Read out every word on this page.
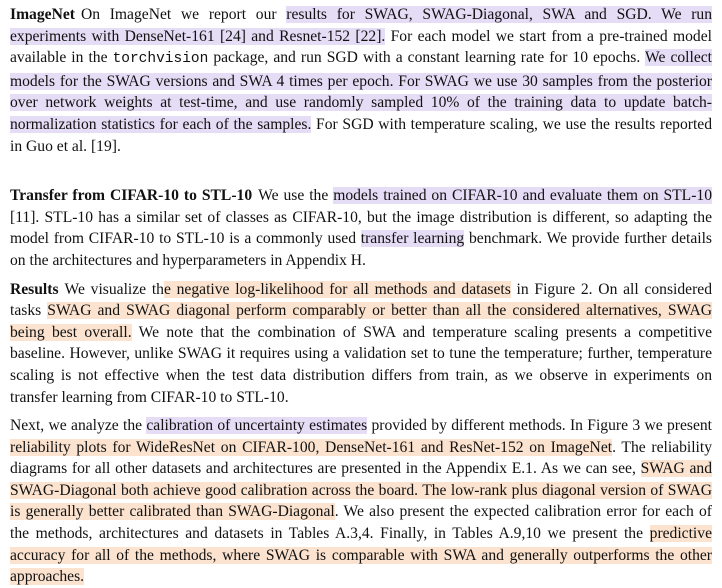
ImageNet On ImageNet we report our results for SWAG, SWAG-Diagonal, SWA and SGD. We run experiments with DenseNet-161 [24] and Resnet-152 [22]. For each model we start from a pre-trained model available in the torchvision package, and run SGD with a constant learning rate for 10 epochs. We collect models for the SWAG versions and SWA 4 times per epoch. For SWAG we use 30 samples from the posterior over network weights at test-time, and use randomly sampled 10% of the training data to update batch-normalization statistics for each of the samples. For SGD with temperature scaling, we use the results reported in Guo et al. [19].

Transfer from CIFAR-10 to STL-10 We use the models trained on CIFAR-10 and evaluate them on STL-10 [11]. STL-10 has a similar set of classes as CIFAR-10, but the image distribution is different, so adapting the model from CIFAR-10 to STL-10 is a commonly used transfer learning benchmark. We provide further details on the architectures and hyperparameters in Appendix H.

Results We visualize the negative log-likelihood for all methods and datasets in Figure 2. On all considered tasks SWAG and SWAG diagonal perform comparably or better than all the considered alternatives, SWAG being best overall. We note that the combination of SWA and temperature scaling presents a competitive baseline. However, unlike SWAG it requires using a validation set to tune the temperature; further, temperature scaling is not effective when the test data distribution differs from train, as we observe in experiments on transfer learning from CIFAR-10 to STL-10.

Next, we analyze the calibration of uncertainty estimates provided by different methods. In Figure 3 we present reliability plots for WideResNet on CIFAR-100, DenseNet-161 and ResNet-152 on ImageNet. The reliability diagrams for all other datasets and architectures are presented in the Appendix E.1. As we can see, SWAG and SWAG-Diagonal both achieve good calibration across the board. The low-rank plus diagonal version of SWAG is generally better calibrated than SWAG-Diagonal. We also present the expected calibration error for each of the methods, architectures and datasets in Tables A.3,4. Finally, in Tables A.9,10 we present the predictive accuracy for all of the methods, where SWAG is comparable with SWA and generally outperforms the other approaches.
